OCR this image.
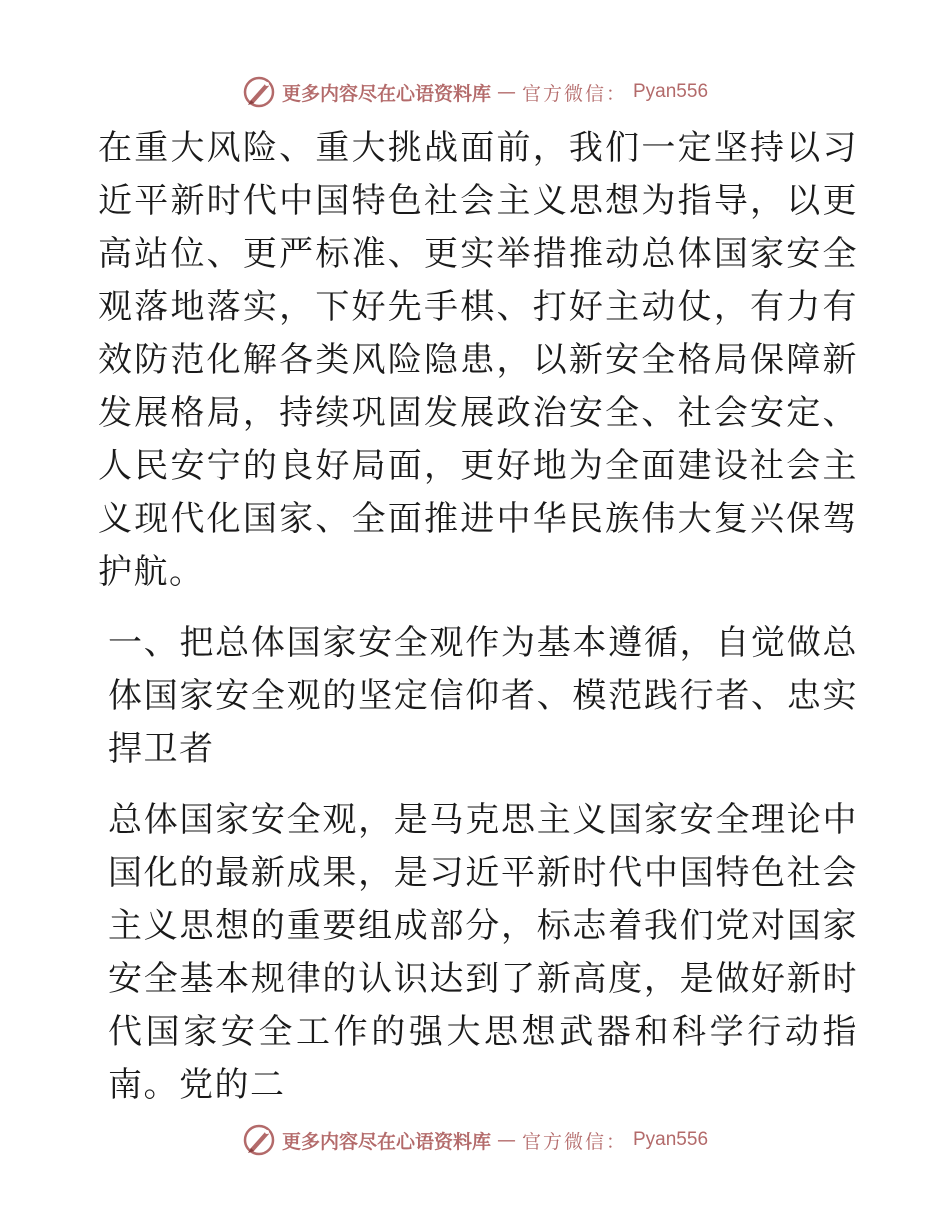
更多内容尽在心语资料库 — 官方微信： Pyan556

在重大风险、重大挑战面前，我们一定坚持以习近平新时代中国特色社会主义思想为指导，以更高站位、更严标准、更实举措推动总体国家安全观落地落实，下好先手棋、打好主动仗，有力有效防范化解各类风险隐患，以新安全格局保障新发展格局，持续巩固发展政治安全、社会安定、人民安宁的良好局面，更好地为全面建设社会主义现代化国家、全面推进中华民族伟大复兴保驾护航。

一、把总体国家安全观作为基本遵循，自觉做总体国家安全观的坚定信仰者、模范践行者、忠实捍卫者

总体国家安全观，是马克思主义国家安全理论中国化的最新成果，是习近平新时代中国特色社会主义思想的重要组成部分，标志着我们党对国家安全基本规律的认识达到了新高度，是做好新时代国家安全工作的强大思想武器和科学行动指南。党的二

更多内容尽在心语资料库 — 官方微信： Pyan556
